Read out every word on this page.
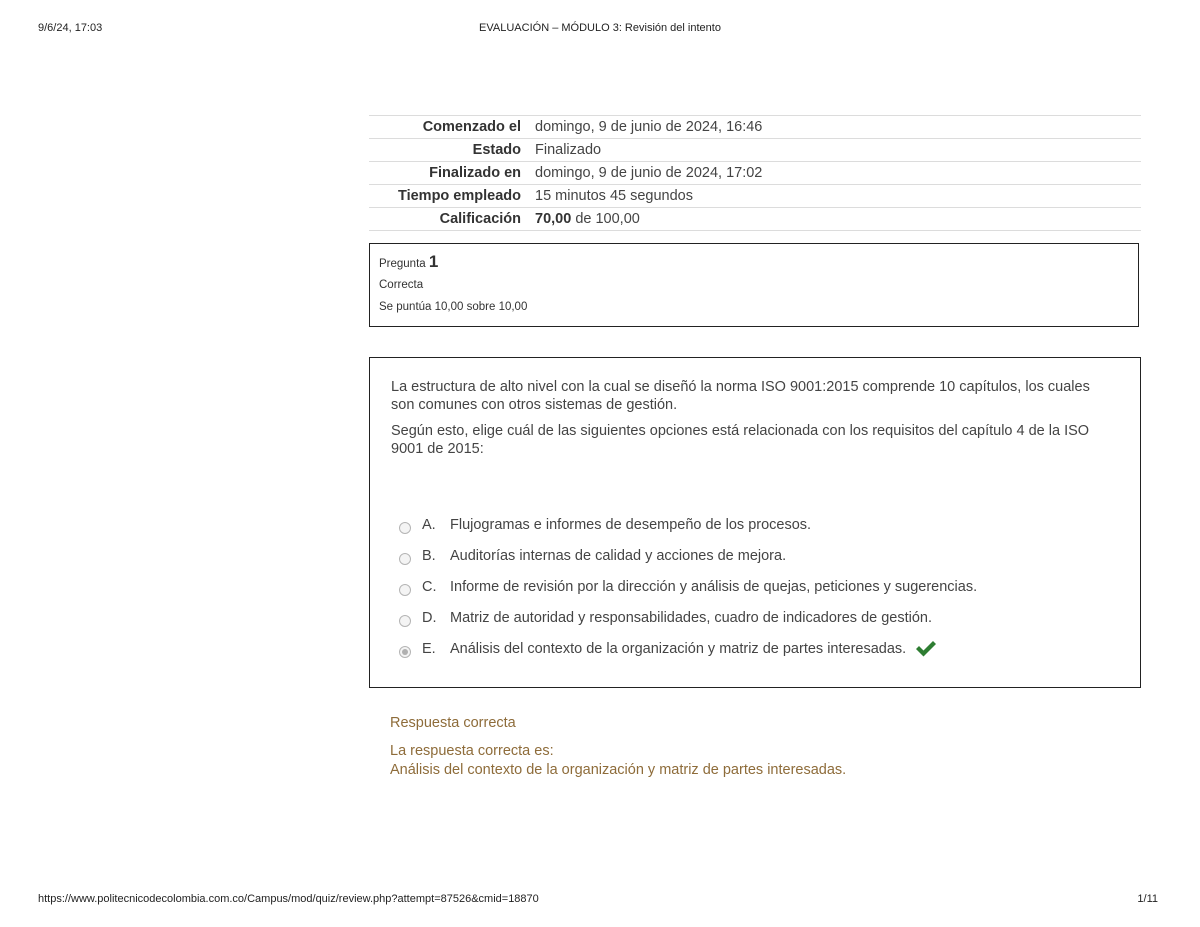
9/6/24, 17:03	EVALUACIÓN – MÓDULO 3: Revisión del intento
Comenzado el	domingo, 9 de junio de 2024, 16:46
Estado	Finalizado
Finalizado en	domingo, 9 de junio de 2024, 17:02
Tiempo empleado	15 minutos 45 segundos
Calificación	70,00 de 100,00
Pregunta 1
Correcta
Se puntúa 10,00 sobre 10,00

La estructura de alto nivel con la cual se diseñó la norma ISO 9001:2015 comprende 10 capítulos, los cuales son comunes con otros sistemas de gestión.

Según esto, elige cuál de las siguientes opciones está relacionada con los requisitos del capítulo 4 de la ISO 9001 de 2015:

A. Flujogramas e informes de desempeño de los procesos.
B. Auditorías internas de calidad y acciones de mejora.
C. Informe de revisión por la dirección y análisis de quejas, peticiones y sugerencias.
D. Matriz de autoridad y responsabilidades, cuadro de indicadores de gestión.
E. Análisis del contexto de la organización y matriz de partes interesadas.
Respuesta correcta
La respuesta correcta es:
Análisis del contexto de la organización y matriz de partes interesadas.
https://www.politecnicodecolombia.com.co/Campus/mod/quiz/review.php?attempt=87526&cmid=18870	1/11
